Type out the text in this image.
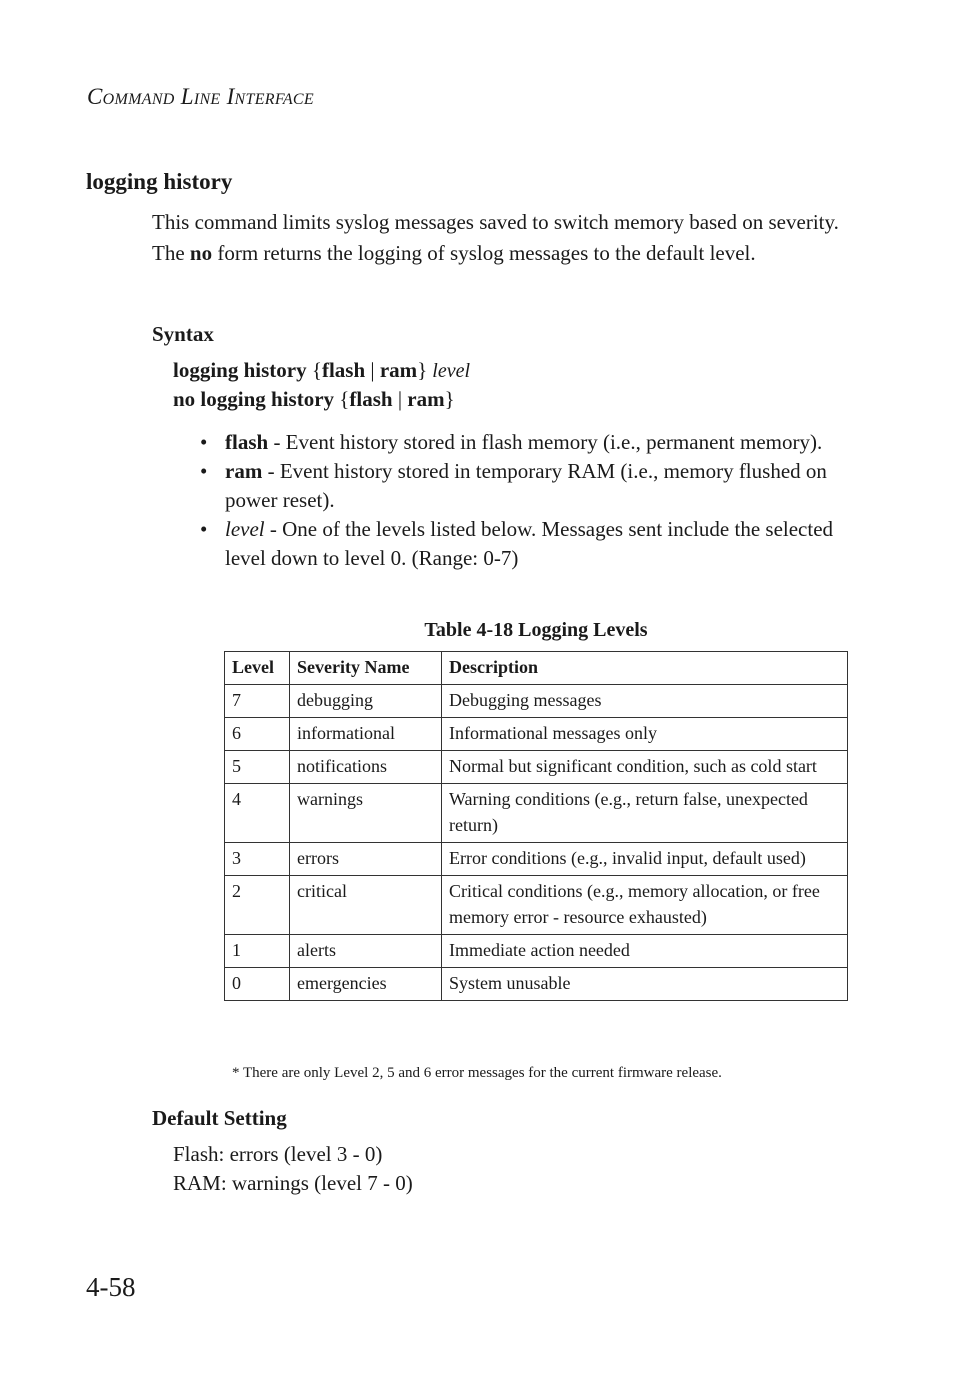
COMMAND LINE INTERFACE
logging history
This command limits syslog messages saved to switch memory based on severity. The no form returns the logging of syslog messages to the default level.
Syntax
logging history {flash | ram} level
no logging history {flash | ram}
• flash - Event history stored in flash memory (i.e., permanent memory).
• ram - Event history stored in temporary RAM (i.e., memory flushed on power reset).
• level - One of the levels listed below. Messages sent include the selected level down to level 0. (Range: 0-7)
Table 4-18 Logging Levels
Level	Severity Name	Description
7	debugging	Debugging messages
6	informational	Informational messages only
5	notifications	Normal but significant condition, such as cold start
4	warnings	Warning conditions (e.g., return false, unexpected return)
3	errors	Error conditions (e.g., invalid input, default used)
2	critical	Critical conditions (e.g., memory allocation, or free memory error - resource exhausted)
1	alerts	Immediate action needed
0	emergencies	System unusable
* There are only Level 2, 5 and 6 error messages for the current firmware release.
Default Setting
Flash: errors (level 3 - 0)
RAM: warnings (level 7 - 0)
4-58
